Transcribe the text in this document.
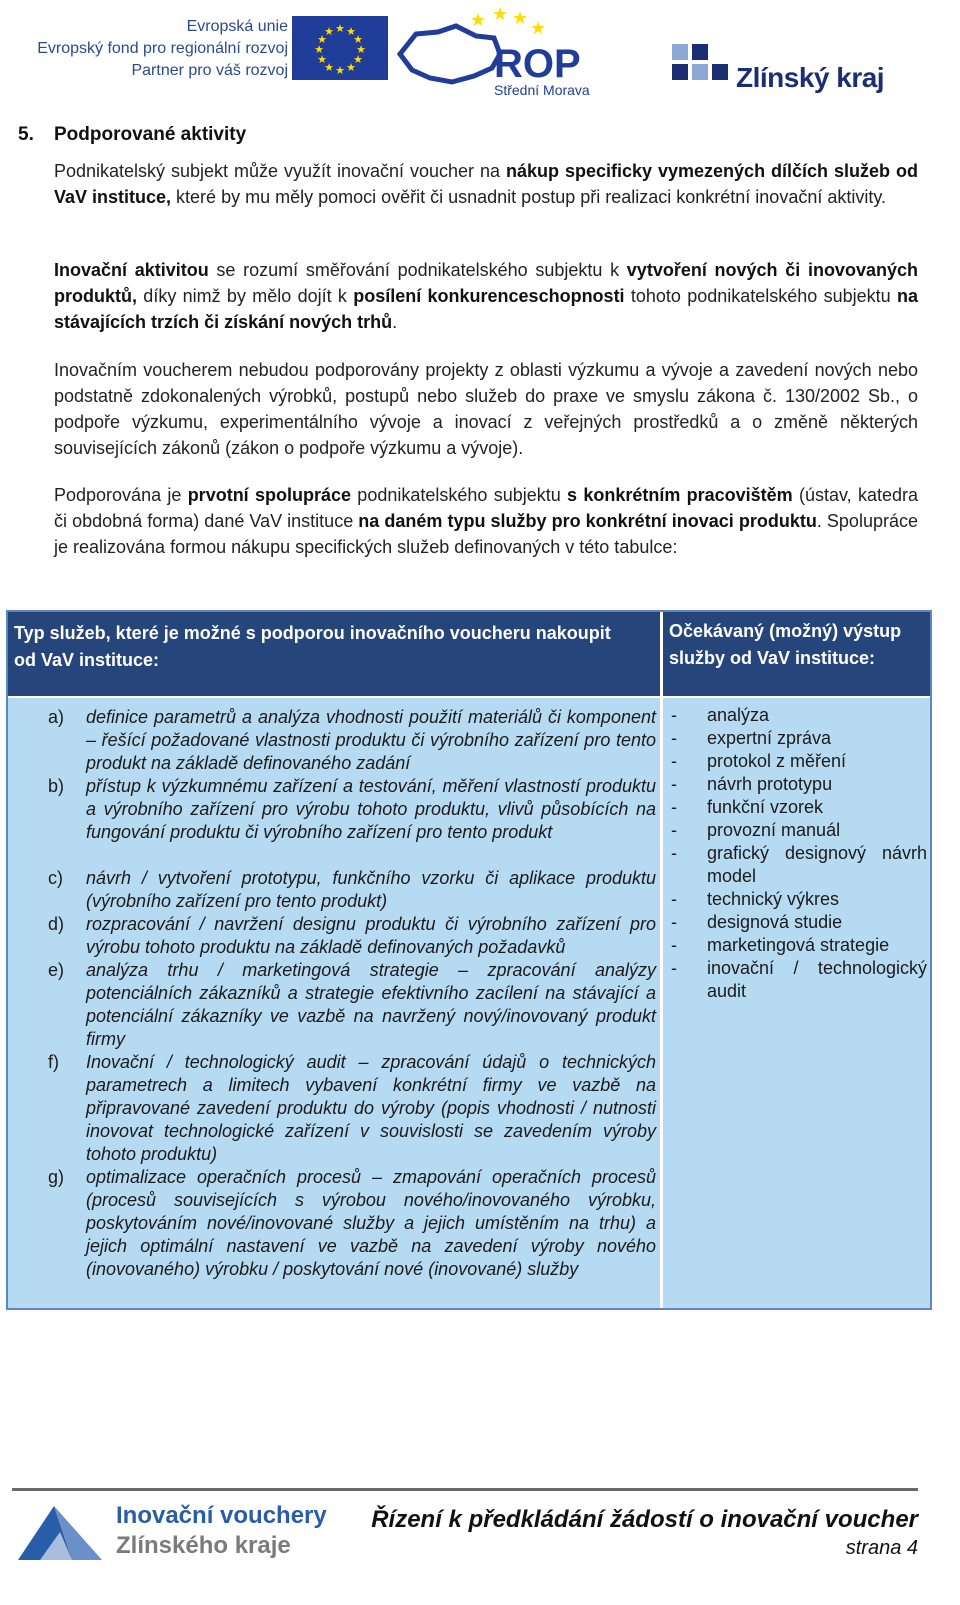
Evropská unie
Evropský fond pro regionální rozvoj
Partner pro váš rozvoj
★ ★
★
★
★
★
★
★
★
★
★
★
★ ★ ★ ★
ROP
Střední Morava	Zlínský kraj
5. Podporované aktivity
Podnikatelský subjekt může využít inovační voucher na nákup specificky vymezených dílčích služeb od VaV instituce, které by mu měly pomoci ověřit či usnadnit postup při realizaci konkrétní inovační aktivity.
Inovační aktivitou se rozumí směřování podnikatelského subjektu k vytvoření nových či inovovaných produktů, díky nimž by mělo dojít k posílení konkurenceschopnosti tohoto podnikatelského subjektu na stávajících trzích či získání nových trhů.
Inovačním voucherem nebudou podporovány projekty z oblasti výzkumu a vývoje a zavedení nových nebo podstatně zdokonalených výrobků, postupů nebo služeb do praxe ve smyslu zákona č. 130/2002 Sb., o podpoře výzkumu, experimentálního vývoje a inovací z veřejných prostředků a o změně některých souvisejících zákonů (zákon o podpoře výzkumu a vývoje).
Podporována je prvotní spolupráce podnikatelského subjektu s konkrétním pracovištěm (ústav, katedra či obdobná forma) dané VaV instituce na daném typu služby pro konkrétní inovaci produktu. Spolupráce je realizována formou nákupu specifických služeb definovaných v této tabulce:
Typ služeb, které je možné s podporou inovačního voucheru nakoupit od VaV instituce:
Očekávaný (možný) výstup služby od VaV instituce:
a) definice parametrů a analýza vhodnosti použití materiálů či komponent – řešící požadované vlastnosti produktu či výrobního zařízení pro tento produkt na základě definovaného zadání
b) přístup k výzkumnému zařízení a testování, měření vlastností produktu a výrobního zařízení pro výrobu tohoto produktu, vlivů působících na fungování produktu či výrobního zařízení pro tento produkt
c) návrh / vytvoření prototypu, funkčního vzorku či aplikace produktu (výrobního zařízení pro tento produkt)
d) rozpracování / navržení designu produktu či výrobního zařízení pro výrobu tohoto produktu na základě definovaných požadavků
e) analýza trhu / marketingová strategie – zpracování analýzy potenciálních zákazníků a strategie efektivního zacílení na stávající a potenciální zákazníky ve vazbě na navržený nový/inovovaný produkt firmy
f) Inovační / technologický audit – zpracování údajů o technických parametrech a limitech vybavení konkrétní firmy ve vazbě na připravované zavedení produktu do výroby (popis vhodnosti / nutnosti inovovat technologické zařízení v souvislosti se zavedením výroby tohoto produktu)
g) optimalizace operačních procesů – zmapování operačních procesů (procesů souvisejících s výrobou nového/inovovaného výrobku, poskytováním nové/inovované služby a jejich umístěním na trhu) a jejich optimální nastavení ve vazbě na zavedení výroby nového (inovovaného) výrobku / poskytování nové (inovované) služby
- analýza
- expertní zpráva
- protokol z měření
- návrh prototypu
- funkční vzorek
- provozní manuál
- grafický designový návrh model
- technický výkres
- designová studie
- marketingová strategie
- inovační / technologický audit
Inovační vouchery
Zlínského kraje
Řízení k předkládání žádostí o inovační voucher
strana 4
